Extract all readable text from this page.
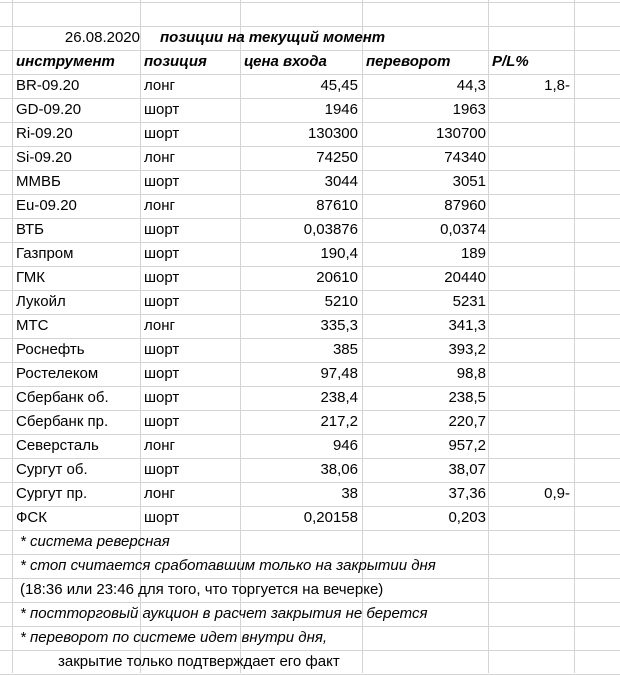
26.08.2020 позиции на текущий момент
инструмент	позиция	цена входа	переворот	P/L%
BR-09.20	лонг	45,45	44,3	1,8-
GD-09.20	шорт	1946	1963
Ri-09.20	шорт	130300	130700
Si-09.20	лонг	74250	74340
ММВБ	шорт	3044	3051
Eu-09.20	лонг	87610	87960
ВТБ	шорт	0,03876	0,0374
Газпром	шорт	190,4	189
ГМК	шорт	20610	20440
Лукойл	шорт	5210	5231
МТС	лонг	335,3	341,3
Роснефть	шорт	385	393,2
Ростелеком	шорт	97,48	98,8
Сбербанк об.	шорт	238,4	238,5
Сбербанк пр.	шорт	217,2	220,7
Северсталь	лонг	946	957,2
Сургут об.	шорт	38,06	38,07
Сургут пр.	лонг	38	37,36	0,9-
ФСК	шорт	0,20158	0,203
* система реверсная
* стоп считается сработавшим только на закрытии дня
(18:36 или 23:46 для того, что торгуется на вечерке)
* постторговый аукцион в расчет закрытия не берется
* переворот по системе идет внутри дня,
закрытие только подтверждает его факт
